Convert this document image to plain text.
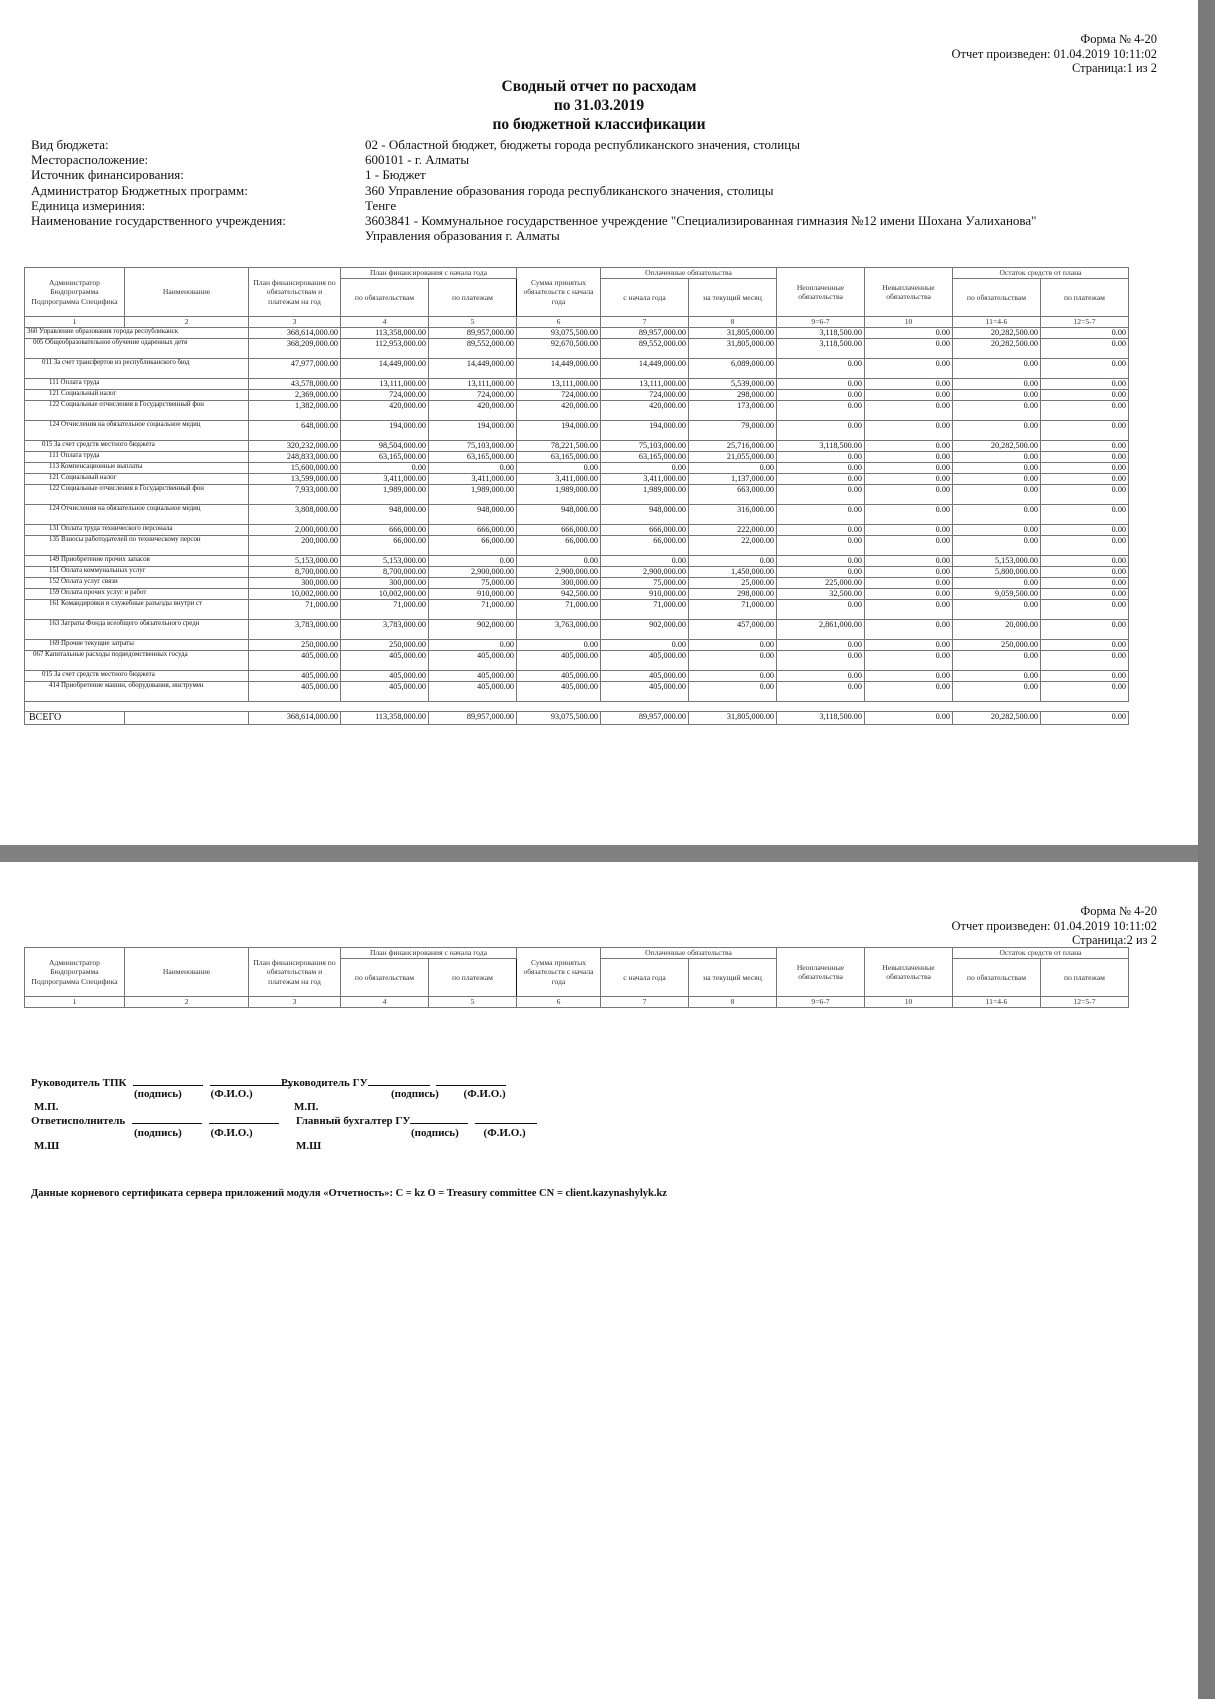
Форма № 4-20
Отчет произведен: 01.04.2019 10:11:02
Страница:1 из 2
Сводный отчет по расходам
по 31.03.2019
по бюджетной классификации
Вид бюджета:	02 - Областной бюджет, бюджеты города республиканского значения, столицы
Месторасположение:	600101 - г. Алматы
Источник финансирования:	1 - Бюджет
Администратор Бюджетных программ:	360 Управление образования города республиканского значения, столицы
Единица измериния:	Тенге
Наименование государственного учреждения:	3603841 - Коммунальное государственное учреждение "Специализированная гимназия №12 имени Шохана Уалиханова"
Управления образования г. Алматы
Администратор Бюдпрограмма Подпрограмма Специфика	Наименование	План финансирования по обязательствам и платежам на год	План финансирования с начала года		Сумма принятых обязательств с начала года	Оплаченные обязательства		Неоплаченные обязательства	Невыплаченные обязательства	Остаток средств от плана	
			по обязательствам	по платежам		с начала года	на текущий месяц			по обязательствам	по платежам
1	2	3	4	5	6	7	8	9=6-7	10	11=4-6	12=5-7
360 Управление образования города республиканск		368,614,000.00	113,358,000.00	89,957,000.00	93,075,500.00	89,957,000.00	31,805,000.00	3,118,500.00	0.00	20,282,500.00	0.00
005 Общеобразовательное обучение одаренных детя		368,209,000.00	112,953,000.00	89,552,000.00	92,670,500.00	89,552,000.00	31,805,000.00	3,118,500.00	0.00	20,282,500.00	0.00
011 За счет трансфертов из республиканского бюд		47,977,000.00	14,449,000.00	14,449,000.00	14,449,000.00	14,449,000.00	6,089,000.00	0.00	0.00	0.00	0.00
111 Оплата труда		43,578,000.00	13,111,000.00	13,111,000.00	13,111,000.00	13,111,000.00	5,539,000.00	0.00	0.00	0.00	0.00
121 Социальный налог		2,369,000.00	724,000.00	724,000.00	724,000.00	724,000.00	298,000.00	0.00	0.00	0.00	0.00
122 Социальные отчисления в Государственный фон		1,382,000.00	420,000.00	420,000.00	420,000.00	420,000.00	173,000.00	0.00	0.00	0.00	0.00
124 Отчисления на обязательное социальное медиц		648,000.00	194,000.00	194,000.00	194,000.00	194,000.00	79,000.00	0.00	0.00	0.00	0.00
015 За счет средств местного бюджета		320,232,000.00	98,504,000.00	75,103,000.00	78,221,500.00	75,103,000.00	25,716,000.00	3,118,500.00	0.00	20,282,500.00	0.00
111 Оплата труда		248,833,000.00	63,165,000.00	63,165,000.00	63,165,000.00	63,165,000.00	21,055,000.00	0.00	0.00	0.00	0.00
113 Компенсационные выплаты		15,600,000.00	0.00	0.00	0.00	0.00	0.00	0.00	0.00	0.00	0.00
121 Социальный налог		13,599,000.00	3,411,000.00	3,411,000.00	3,411,000.00	3,411,000.00	1,137,000.00	0.00	0.00	0.00	0.00
122 Социальные отчисления в Государственный фон		7,933,000.00	1,989,000.00	1,989,000.00	1,989,000.00	1,989,000.00	663,000.00	0.00	0.00	0.00	0.00
124 Отчисления на обязательное социальное медиц		3,808,000.00	948,000.00	948,000.00	948,000.00	948,000.00	316,000.00	0.00	0.00	0.00	0.00
131 Оплата труда технического персонала		2,000,000.00	666,000.00	666,000.00	666,000.00	666,000.00	222,000.00	0.00	0.00	0.00	0.00
135 Взносы работодателей по техническому персон		200,000.00	66,000.00	66,000.00	66,000.00	66,000.00	22,000.00	0.00	0.00	0.00	0.00
149 Приобретение прочих запасов		5,153,000.00	5,153,000.00	0.00	0.00	0.00	0.00	0.00	0.00	5,153,000.00	0.00
151 Оплата коммунальных услуг		8,700,000.00	8,700,000.00	2,900,000.00	2,900,000.00	2,900,000.00	1,450,000.00	0.00	0.00	5,800,000.00	0.00
152 Оплата услуг связи		300,000.00	300,000.00	75,000.00	300,000.00	75,000.00	25,000.00	225,000.00	0.00	0.00	0.00
159 Оплата прочих услуг и работ		10,002,000.00	10,002,000.00	910,000.00	942,500.00	910,000.00	298,000.00	32,500.00	0.00	9,059,500.00	0.00
161 Командировки и служебные разъезды внутри ст		71,000.00	71,000.00	71,000.00	71,000.00	71,000.00	71,000.00	0.00	0.00	0.00	0.00
163 Затраты Фонда всеобщего обязательного средн		3,783,000.00	3,783,000.00	902,000.00	3,763,000.00	902,000.00	457,000.00	2,861,000.00	0.00	20,000.00	0.00
169 Прочие текущие затраты		250,000.00	250,000.00	0.00	0.00	0.00	0.00	0.00	0.00	250,000.00	0.00
067 Капитальные расходы подведомственных госуда		405,000.00	405,000.00	405,000.00	405,000.00	405,000.00	0.00	0.00	0.00	0.00	0.00
015 За счет средств местного бюджета		405,000.00	405,000.00	405,000.00	405,000.00	405,000.00	0.00	0.00	0.00	0.00	0.00
414 Приобретение машин, оборудования, инструмен		405,000.00	405,000.00	405,000.00	405,000.00	405,000.00	0.00	0.00	0.00	0.00	0.00

ВСЕГО		368,614,000.00	113,358,000.00	89,957,000.00	93,075,500.00	89,957,000.00	31,805,000.00	3,118,500.00	0.00	20,282,500.00	0.00
Форма № 4-20
Отчет произведен: 01.04.2019 10:11:02
Страница:2 из 2
Администратор Бюдпрограмма Подпрограмма Специфика	Наименование	План финансирования по обязательствам и платежам на год	План финансирования с начала года		Сумма принятых обязательств с начала года	Оплаченные обязательства		Неоплаченные обязательства	Невыплаченные обязательства	Остаток средств от плана	
			по обязательствам	по платежам		с начала года	на текущий месяц			по обязательствам	по платежам
1	2	3	4	5	6	7	8	9=6-7	10	11=4-6	12=5-7
Руководитель ТПК
(подпись)	(Ф.И.О.)
М.П.
Ответисполнитель
(подпись)	(Ф.И.О.)
М.Ш
Руководитель ГУ
(подпись) (Ф.И.О.)
М.П.
Главный бухгалтер ГУ
(подпись) (Ф.И.О.)
М.Ш
Данные корневого сертификата сервера приложений модуля «Отчетность»: C = kz O = Treasury committee CN = client.kazynashylyk.kz
